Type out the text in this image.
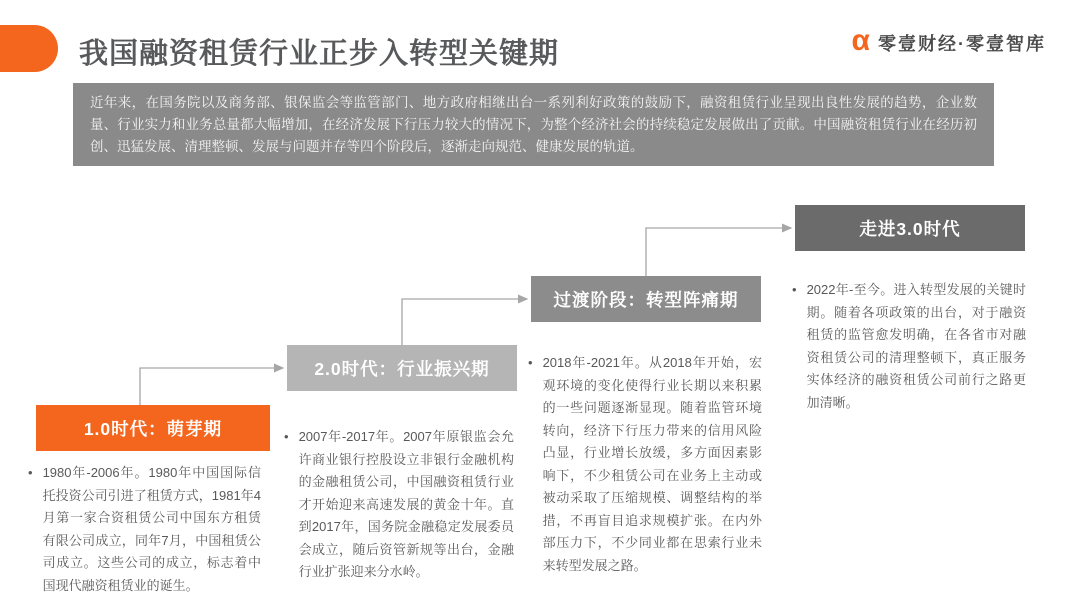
我国融资租赁行业正步入转型关键期	α 零壹财经·零壹智库
近年来，在国务院以及商务部、银保监会等监管部门、地方政府相继出台一系列利好政策的鼓励下，融资租赁行业呈现出良性发展的趋势，企业数量、行业实力和业务总量都大幅增加，在经济发展下行压力较大的情况下，为整个经济社会的持续稳定发展做出了贡献。中国融资租赁行业在经历初创、迅猛发展、清理整顿、发展与问题并存等四个阶段后，逐渐走向规范、健康发展的轨道。
1.0时代：萌芽期
2.0时代：行业振兴期
过渡阶段：转型阵痛期
走进3.0时代
• 1980年-2006年。1980年中国国际信托投资公司引进了租赁方式，1981年4月第一家合资租赁公司中国东方租赁有限公司成立，同年7月，中国租赁公司成立。这些公司的成立，标志着中国现代融资租赁业的诞生。

• 2007年-2017年。2007年原银监会允许商业银行控股设立非银行金融机构的金融租赁公司，中国融资租赁行业才开始迎来高速发展的黄金十年。直到2017年，国务院金融稳定发展委员会成立，随后资管新规等出台，金融行业扩张迎来分水岭。

• 2018年-2021年。从2018年开始，宏观环境的变化使得行业长期以来积累的一些问题逐渐显现。随着监管环境转向，经济下行压力带来的信用风险凸显，行业增长放缓，多方面因素影响下，不少租赁公司在业务上主动或被动采取了压缩规模、调整结构的举措，不再盲目追求规模扩张。在内外部压力下，不少同业都在思索行业未来转型发展之路。

• 2022年-至今。进入转型发展的关键时期。随着各项政策的出台，对于融资租赁的监管愈发明确，在各省市对融资租赁公司的清理整顿下，真正服务实体经济的融资租赁公司前行之路更加清晰。
